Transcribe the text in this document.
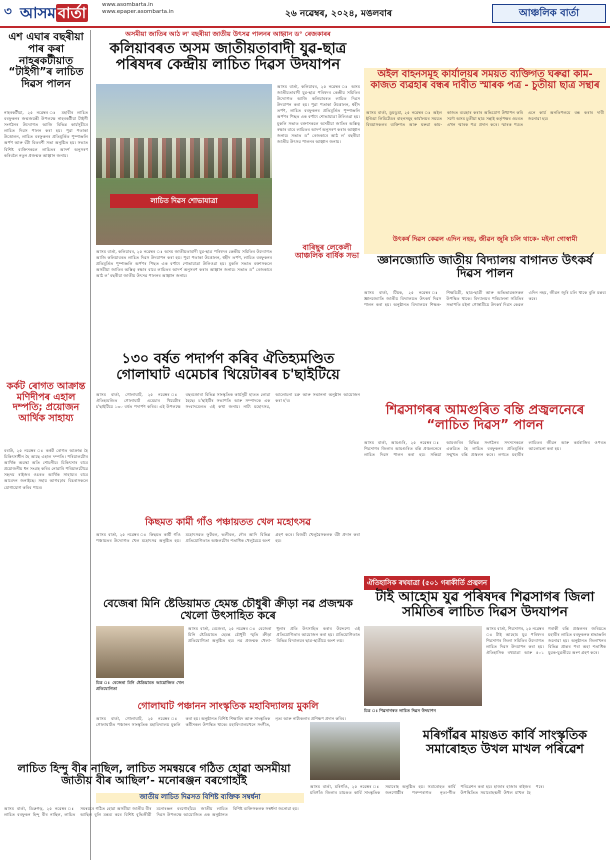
৩ আসম বাৰ্তা	www.asombarta.in
www.epaper.asombarta.in	২৬ নৱেম্বৰ, ২০২৪, মঙলবাৰ	আঞ্চলিক বাৰ্তা
এশ এঘাৰ বছৰীয়া পাৰ কৰা নাহৰকটীয়াত “টাইগী”ৰ লাচিত দিৱস পালন
নাহৰকটীয়া, ২৫ নৱেম্বৰ ঃ মহাবীৰ লাচিত বৰফুকনৰ জন্মজয়ন্তী উপলক্ষে নাহৰকটীয়া টাইগী সংগঠনৰ উদ্যোগত আজি বিভিন্ন কাৰ্যসূচীৰে লাচিত দিৱস পালন কৰা হয়। পুৱা পতাকা উত্তোলন, লাচিত বৰফুকনৰ প্ৰতিমূৰ্তিত পুষ্পাঞ্জলি অৰ্পণ আৰু বঁটা বিতৰণী সভা অনুষ্ঠিত হয়। সভাত বিশিষ্ট ব্যক্তিসকলে লাচিতৰ আদৰ্শ অনুসৰণ কৰিবলৈ নতুন প্ৰজন্মক আহ্বান জনায়।
কৰ্কট ৰোগত আক্ৰান্ত মণিদীপৰ এহাল দম্পতি; প্ৰয়োজন আৰ্থিক সাহায্য
বৰাউ, ২৫ নৱেম্বৰ ঃ কৰ্কট ৰোগত আক্ৰান্ত হৈ চিকিৎসাধীন হৈ আছে এহাল দম্পতি। পৰিয়ালটোৰ আৰ্থিক অৱস্থা অতি শোচনীয়। চিকিৎসাৰ বাবে প্ৰয়োজনীয় ধন সংগ্ৰহ কৰিব নোৱাৰি পৰিয়ালটোৱে সহৃদয় ৰাইজৰ ওচৰত আৰ্থিক সাহায্যৰ বাবে আবেদন জনাইছে। সহায় আগবঢ়াব বিচৰাসকলে যোগাযোগ কৰিব পাৰে।
অসমীয়া জাতিৰ আঠ ল' বছৰীয়া জাতীয় উৎসৱ পালনৰ আহ্বান ড° ৰেজকাৰৰ
কলিয়াবৰত অসম জাতীয়তাবাদী যুৱ-ছাত্ৰ পৰিষদৰ কেন্দ্ৰীয় লাচিত দিৱস উদযাপন
লাচিত দিৱস শোভাযাত্ৰা
আসম বাৰ্তা, কলিয়াবৰ, ২৫ নৱেম্বৰ ঃ অসম জাতীয়তাবাদী যুৱ-ছাত্ৰ পৰিষদৰ কেন্দ্ৰীয় সমিতিৰ উদ্যোগত আজি কলিয়াবৰত লাচিত দিৱস উদযাপন কৰা হয়। পুৱা পতাকা উত্তোলন, শ্বহীদ তৰ্পণ, লাচিত বৰফুকনৰ প্ৰতিমূৰ্তিত পুষ্পাঞ্জলি অৰ্পণৰ পিছত এক বৰ্ণাঢ্য শোভাযাত্ৰা উলিওৱা হয়। মুকলি সভাত বক্তাসকলে অসমীয়া জাতিৰ অস্তিত্ব ৰক্ষাৰ বাবে লাচিতৰ আদৰ্শ অনুসৰণ কৰাৰ আহ্বান জনায়। সভাত ড° ৰেজকাৰে আঠ ল' বছৰীয়া জাতীয় উৎসৱ পালনৰ আহ্বান জনায়।
আসম বাৰ্তা, কলিয়াবৰ, ২৫ নৱেম্বৰ ঃ অসম জাতীয়তাবাদী যুৱ-ছাত্ৰ পৰিষদৰ কেন্দ্ৰীয় সমিতিৰ উদ্যোগত আজি কলিয়াবৰত লাচিত দিৱস উদযাপন কৰা হয়। পুৱা পতাকা উত্তোলন, শ্বহীদ তৰ্পণ, লাচিত বৰফুকনৰ প্ৰতিমূৰ্তিত পুষ্পাঞ্জলি অৰ্পণৰ পিছত এক বৰ্ণাঢ্য শোভাযাত্ৰা উলিওৱা হয়। মুকলি সভাত বক্তাসকলে অসমীয়া জাতিৰ অস্তিত্ব ৰক্ষাৰ বাবে লাচিতৰ আদৰ্শ অনুসৰণ কৰাৰ আহ্বান জনায়। সভাত ড° ৰেজকাৰে আঠ ল' বছৰীয়া জাতীয় উৎসৱ পালনৰ আহ্বান জনায়।
১৩০ বৰ্ষত পদাৰ্পণ কৰিব ঐতিহ্যমণ্ডিত গোলাঘাট এমেচাৰ থিয়েটাৰৰ চ'ছাইটিয়ে
আসম বাৰ্তা, গোলাঘাট, ২৫ নৱেম্বৰ ঃ ঐতিহ্যমণ্ডিত গোলাঘাট এমেচাৰ থিয়েটাৰ চ'ছাইটিয়ে ১৩০ বৰ্ষত পদাৰ্পণ কৰিব। এই উপলক্ষে বছৰজোৰা বিভিন্ন সাংস্কৃতিক কাৰ্যসূচী হাতত লোৱা হৈছে। চ'ছাইটিৰ সভাপতি আৰু সম্পাদকে এক সংবাদমেলত এই কথা জনায়। নাট্য মহোৎসৱ, আলোচনা চক্ৰ আৰু সন্মাননা অনুষ্ঠান আয়োজন কৰা হ'ব।
কিছমত কাৰ্মী গাঁও পঞ্চায়তত খেল মহোৎসৱ
আসম বাৰ্তা, ২৫ নৱেম্বৰ ঃ কিছমত কাৰ্মী গাঁও পঞ্চায়তৰ উদ্যোগত খেল মহোৎসৱ অনুষ্ঠিত হয়। মহোৎসৱত ফুটবল, ভলীবল, দৌৰ আদি বিভিন্ন প্ৰতিযোগিতাত অঞ্চলটোৰ শতাধিক খেলুৱৈয়ে অংশ গ্ৰহণ কৰে। বিজয়ী খেলুৱৈসকলক বঁটা প্ৰদান কৰা হয়।
বেজেৰা মিনি ষ্টেডিয়ামত হেমন্ত চৌধুৰী ক্ৰীড়া নৱ প্ৰজন্মক খেলো উৎসাহিত কৰে
চিত্ৰ ঃ বেজেৰা মিনি ষ্টেডিয়ামত আয়োজিত খেল প্ৰতিযোগিতা
আসম বাৰ্তা, বেজেৰা, ২৫ নৱেম্বৰ ঃ বেজেৰা মিনি ষ্টেডিয়ামত হেমন্ত চৌধুৰী স্মৃতি ক্ৰীড়া প্ৰতিযোগিতা অনুষ্ঠিত হয়। নৱ প্ৰজন্মক খেলা-ধূলাৰ প্ৰতি উৎসাহিত কৰাৰ উদ্দেশ্যে এই প্ৰতিযোগিতাৰ আয়োজন কৰা হয়। প্ৰতিযোগিতাত বিভিন্ন বিদ্যালয়ৰ ছাত্ৰ-ছাত্ৰীয়ে অংশ লয়।
গোলাঘাট পঞ্চানন সাংস্কৃতিক মহাবিদ্যালয় মুকলি
আসম বাৰ্তা, গোলাঘাট, ২৫ নৱেম্বৰ ঃ গোলাঘাটত পঞ্চানন সাংস্কৃতিক মহাবিদ্যালয় মুকলি কৰা হয়। অনুষ্ঠানত বিশিষ্ট শিক্ষাবিদ আৰু সাংস্কৃতিক কৰ্মীসকল উপস্থিত থাকে। মহাবিদ্যালয়খনে সংগীত, নৃত্য আৰু নাট্যকলাৰ প্ৰশিক্ষণ প্ৰদান কৰিব।
লাচিত হিন্দু বীৰ নাছিল, লাচিত সমন্বয়ৰে গঠিত হোৱা অসমীয়া জাতীয় বীৰ আছিল’- মনোৰঞ্জন বৰগোহাঁই
জাতীয় লাচিত দিৱসত বিশিষ্ট ব্যক্তিক সম্বৰ্ধনা
আসম বাৰ্তা, ডিব্ৰুগড়, ২৫ নৱেম্বৰ ঃ লাচিত বৰফুকন হিন্দু বীৰ নাছিল, লাচিত সমন্বয়ৰে গঠিত হোৱা অসমীয়া জাতীয় বীৰ আছিল বুলি মন্তব্য কৰে বিশিষ্ট বুদ্ধিজীৱী মনোৰঞ্জন বৰগোহাঁয়ে। জাতীয় লাচিত দিৱস উপলক্ষে আয়োজিত এক অনুষ্ঠানত বিশিষ্ট ব্যক্তিসকলক সম্বৰ্ধনা জনোৱা হয়।
অইল বাহনসমূহ কাৰ্যালয়ৰ সময়ত ব্যক্তিগত ঘৰুৱা কাম-কাজত ব্যৱহাৰ বন্ধৰ দাবীত স্মাৰক পত্ৰ - চুতীয়া ছাত্ৰ সন্থাৰ
আসম বাৰ্তা, ডুমডুমা, ২৫ নৱেম্বৰ ঃ অইল ইণ্ডিয়া লিমিটেডৰ বাহনসমূহ কাৰ্যালয়ৰ সময়ত বিষয়াসকলৰ ব্যক্তিগত আৰু ঘৰুৱা কাম-কাজত ব্যৱহাৰ কৰাৰ অভিযোগ উত্থাপন কৰি সদৌ অসম চুতীয়া ছাত্ৰ সন্থাই কৰ্তৃপক্ষৰ ওচৰত এখন স্মাৰক পত্ৰ প্ৰদান কৰে। স্মাৰক পত্ৰত এনে কাৰ্য অনতিপলমে বন্ধ কৰাৰ দাবী জনোৱা হয়।
উৎকৰ্ষ দিৱস কেৱল এদিন নহয়, জীৱন জুৰি চলি থাকে- মইনা গোস্বামী
জ্ঞানজ্যোতি জাতীয় বিদ্যালয় বাগানত উৎকৰ্ষ দিৱস পালন
আসম বাৰ্তা, টিয়ক, ২৫ নৱেম্বৰ ঃ জ্ঞানজ্যোতি জাতীয় বিদ্যালয়ত উৎকৰ্ষ দিৱস পালন কৰা হয়। অনুষ্ঠানত বিদ্যালয়ৰ শিক্ষক-শিক্ষয়িত্ৰী, ছাত্ৰ-ছাত্ৰী আৰু অভিভাৱকসকল উপস্থিত থাকে। বিদ্যালয়ৰ পৰিচালনা সমিতিৰ সভাপতি মইনা গোস্বামীয়ে উৎকৰ্ষ দিৱস কেৱল এদিন নহয়, জীৱন জুৰি চলি থাকে বুলি মন্তব্য কৰে।
বাৰিছুৰ লেকেলী আঞ্চলিক বাৰ্ষিক সভা
শিৱসাগৰৰ আমগুৰিত বন্তি প্ৰজ্বলনেৰে “লাচিত দিৱস” পালন
আসম বাৰ্তা, আমগুৰি, ২৫ নৱেম্বৰ ঃ শিৱসাগৰ জিলাৰ আমগুৰিত বন্তি প্ৰজ্বলনেৰে লাচিত দিৱস পালন কৰা হয়। সন্ধিয়া আমগুৰিৰ বিভিন্ন সংগঠনৰ সদস্যসকলে একত্ৰিত হৈ লাচিত বৰফুকনৰ প্ৰতিমূৰ্তিৰ সন্মুখত বন্তি প্ৰজ্বলন কৰে। লগতে মহাবীৰ লাচিতৰ জীৱন আৰু কৰ্মৰাজিৰ ওপৰত আলোচনা কৰা হয়।
ঐতিহাসিক ৰথযাত্ৰা (৫০১ গৰাকীৰ্তি প্ৰজ্বলন
টাই আহোম যুৱ পৰিষদৰ শিৱসাগৰ জিলা সমিতিৰ লাচিত দিৱস উদযাপন
চিত্ৰ ঃ শিৱসাগৰত লাচিত দিৱস উদযাপন
আসম বাৰ্তা, শিৱসাগৰ, ২৫ নৱেম্বৰ ঃ টাই আহোম যুৱ পৰিষদৰ শিৱসাগৰ জিলা সমিতিৰ উদ্যোগত লাচিত দিৱস উদযাপন কৰা হয়। ঐতিহাসিক ৰথযাত্ৰা আৰু ৫০১ গৰাকী বন্তি প্ৰজ্বলনৰ জৰিয়তে মহাবীৰ লাচিত বৰফুকনক শ্ৰদ্ধাঞ্জলি জনোৱা হয়। অনুষ্ঠানত জিলাখনৰ বিভিন্ন প্ৰান্তৰ পৰা অহা শতাধিক যুৱক-যুৱতীয়ে অংশ গ্ৰহণ কৰে।
মৰিগাঁৱৰ মায়ঙত কাৰ্বি সাংস্কৃতিক সমাৰোহত উখল মাখল পৰিৱেশ
আসম বাৰ্তা, মৰিগাঁও, ২৫ নৱেম্বৰ ঃ মৰিগাঁও জিলাৰ মায়ঙত কাৰ্বি সাংস্কৃতিক সমাৰোহ অনুষ্ঠিত হয়। সমাৰোহত কাৰ্বি জনগোষ্ঠীৰ পৰম্পৰাগত নৃত্য-গীত পৰিৱেশন কৰা হয়। হাজাৰ হাজাৰ ৰাইজৰ উপস্থিতিত সমাৰোহস্থলী উখল মাখল হৈ পৰে।
